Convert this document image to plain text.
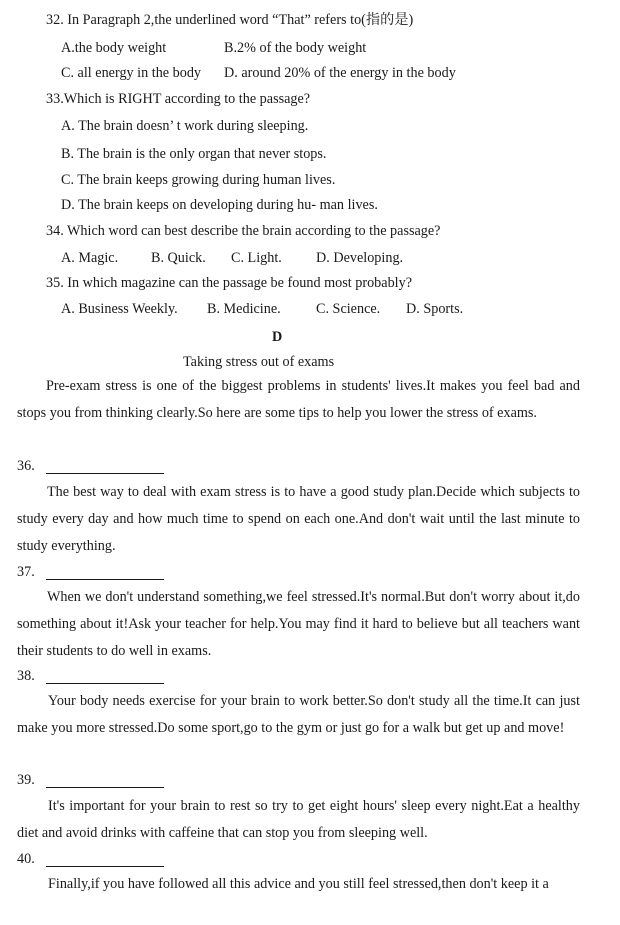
32. In Paragraph 2,the underlined word “That” refers to(指的是)
A.the body weight	B.2% of the body weight
C. all energy in the body D. around 20% of the energy in the body
33.Which is RIGHT according to the passage?
A. The brain doesn’ t work during sleeping.
B. The brain is the only organ that never stops.
C. The brain keeps growing during human lives.
D. The brain keeps on developing during hu- man lives.
34. Which word can best describe the brain according to the passage?
A. Magic. B. Quick. C. Light. D. Developing.
35. In which magazine can the passage be found most probably?
A. Business Weekly. B. Medicine. C. Science. D. Sports.
D
Taking stress out of exams
Pre-exam stress is one of the biggest problems in students' lives.It makes you feel bad and stops you from thinking clearly.So here are some tips to help you lower the stress of exams.
36.
The best way to deal with exam stress is to have a good study plan.Decide which subjects to study every day and how much time to spend on each one.And don't wait until the last minute to study everything.
37.
When we don't understand something,we feel stressed.It's normal.But don't worry about it,do something about it!Ask your teacher for help.You may find it hard to believe but all teachers want their students to do well in exams.
38.
Your body needs exercise for your brain to work better.So don't study all the time.It can just make you more stressed.Do some sport,go to the gym or just go for a walk but get up and move!
39.
It's important for your brain to rest so try to get eight hours' sleep every night.Eat a healthy diet and avoid drinks with caffeine that can stop you from sleeping well.
40.
Finally,if you have followed all this advice and you still feel stressed,then don't keep it a
